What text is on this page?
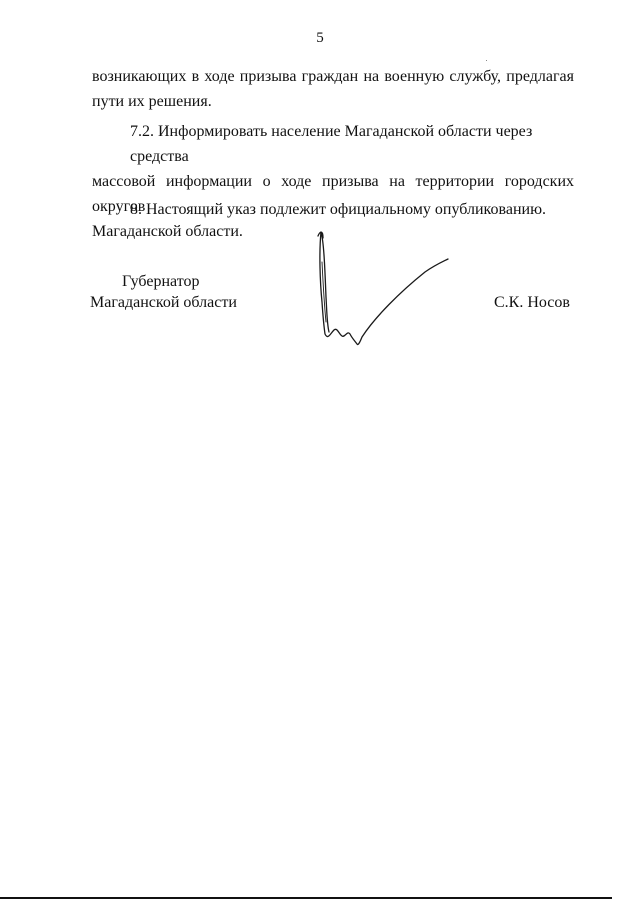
5
возникающих в ходе призыва граждан на военную службу, предлагая
пути их решения.
7.2. Информировать население Магаданской области через средства
массовой информации о ходе призыва на территории городских округов
Магаданской области.
8. Настоящий указ подлежит официальному опубликованию.
Губернатор
Магаданской области	С.К. Носов
